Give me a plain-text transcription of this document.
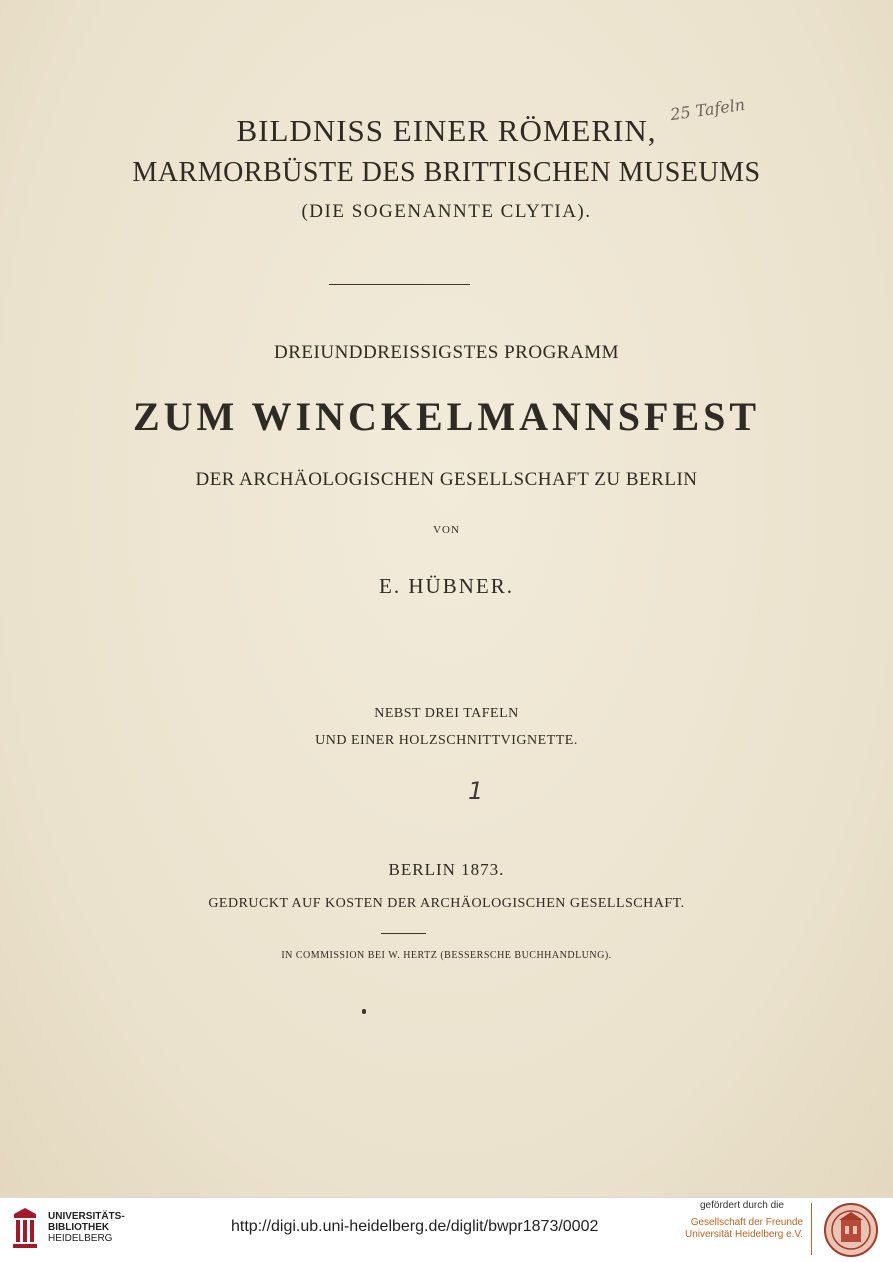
BILDNISS EINER RÖMERIN,
MARMORBÜSTE DES BRITTISCHEN MUSEUMS
(DIE SOGENANNTE CLYTIA).
25 Tafeln
DREIUNDDREISSIGSTES PROGRAMM
ZUM WINCKELMANNSFEST
DER ARCHÄOLOGISCHEN GESELLSCHAFT ZU BERLIN
VON
E. HÜBNER.
NEBST DREI TAFELN
UND EINER HOLZSCHNITTVIGNETTE.
1
BERLIN 1873.
GEDRUCKT AUF KOSTEN DER ARCHÄOLOGISCHEN GESELLSCHAFT.
IN COMMISSION BEI W. HERTZ (BESSERSCHE BUCHHANDLUNG).
UNIVERSITÄTS-
BIBLIOTHEK
HEIDELBERG
http://digi.ub.uni-heidelberg.de/diglit/bwpr1873/0002
gefördert durch die
Gesellschaft der Freunde
Universität Heidelberg e.V.
